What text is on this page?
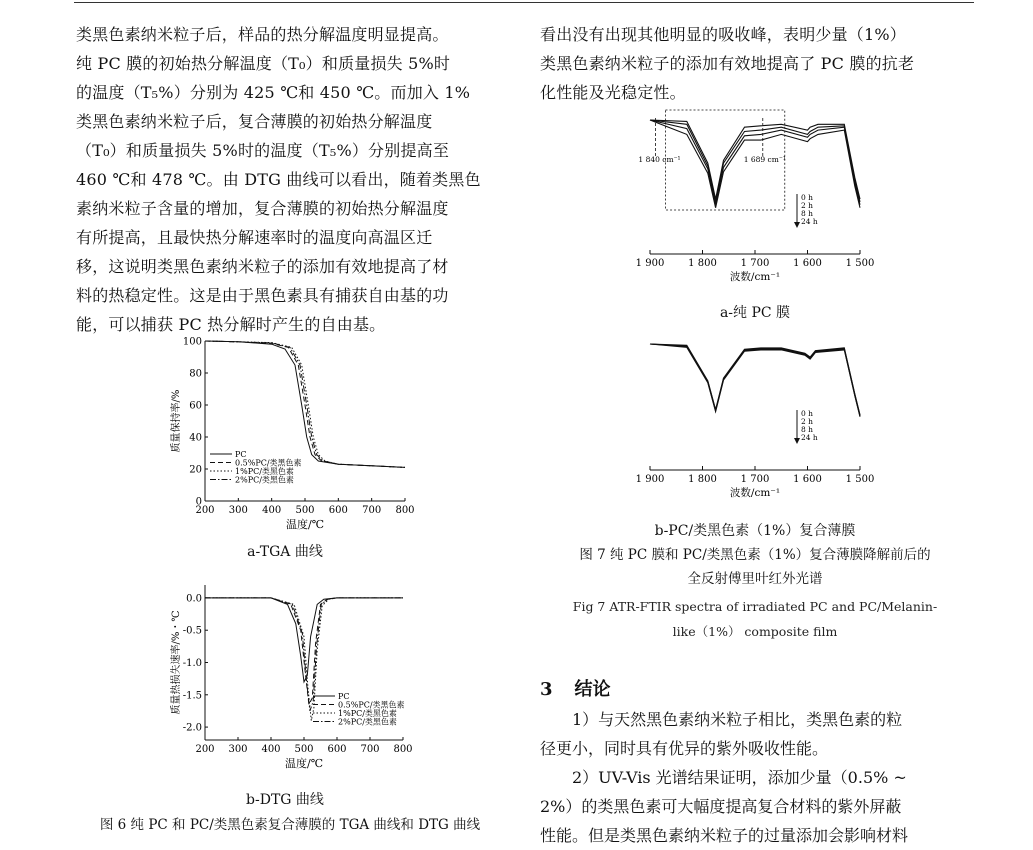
类黑色素纳米粒子后，样品的热分解温度明显提高。
纯 PC 膜的初始热分解温度（T₀）和质量损失 5%时
的温度（T₅%）分别为 425 ℃和 450 ℃。而加入 1%
类黑色素纳米粒子后，复合薄膜的初始热分解温度
（T₀）和质量损失 5%时的温度（T₅%）分别提高至
460 ℃和 478 ℃。由 DTG 曲线可以看出，随着类黑色
素纳米粒子含量的增加，复合薄膜的初始热分解温度
有所提高，且最快热分解速率时的温度向高温区迁
移，这说明类黑色素纳米粒子的添加有效地提高了材
料的热稳定性。这是由于黑色素具有捕获自由基的功
能，可以捕获 PC 热分解时产生的自由基。
200 300 400 500 600 700 800
0
20
40
60
80
100
温度/℃
质量保持率/%
PC
0.5%PC/类黑色素
1%PC/类黑色素
2%PC/类黑色素
a-TGA 曲线
200 300 400 500 600 700 800
0.0
-0.5
-1.0
-1.5
-2.0
温度/℃
质量热损失速率/%・℃	PC
0.5%PC/类黑色素
1%PC/类黑色素
2%PC/类黑色素
b-DTG 曲线
图 6 纯 PC 和 PC/类黑色素复合薄膜的 TGA 曲线和 DTG 曲线
看出没有出现其他明显的吸收峰，表明少量（1%）
类黑色素纳米粒子的添加有效地提高了 PC 膜的抗老
化性能及光稳定性。
1 840 cm⁻¹	1 689 cm⁻¹
0 h
2 h
8 h
24 h
1 900 1 800 1 700 1 600 1 500
波数/cm⁻¹
a-纯 PC 膜
0 h
2 h
8 h
24 h
1 900 1 800 1 700 1 600 1 500
波数/cm⁻¹
b-PC/类黑色素（1%）复合薄膜
图 7 纯 PC 膜和 PC/类黑色素（1%）复合薄膜降解前后的
全反射傅里叶红外光谱
Fig 7 ATR-FTIR spectra of irradiated PC and PC/Melanin-
like（1%） composite film
3 结论
1）与天然黑色素纳米粒子相比，类黑色素的粒
径更小，同时具有优异的紫外吸收性能。
2）UV-Vis 光谱结果证明，添加少量（0.5% ~
2%）的类黑色素可大幅度提高复合材料的紫外屏蔽
性能。但是类黑色素纳米粒子的过量添加会影响材料
